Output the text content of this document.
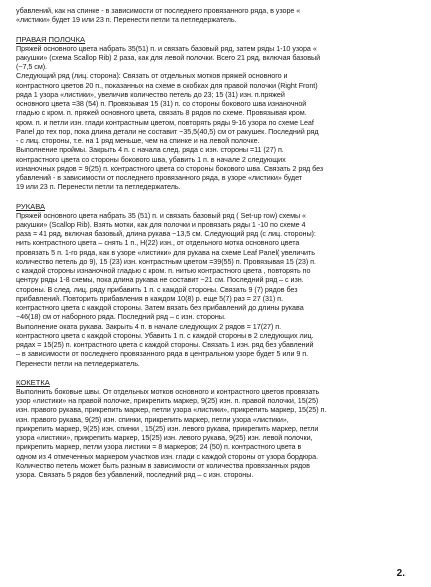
убавлений, как на спинке - в зависимости от последнего провязанного ряда, в узоре «
«листики» будет 19 или 23 п. Перенести петли та петледержатель.

ПРАВАЯ ПОЛОЧКА

Пряжей основного цвета набрать 35(51) п. и связать базовый ряд, затем ряды 1-10 узора «
ракушки» (схема Scallop Rib) 2 раза, как для левой полочки. Всего 21 ряд, включая базовый
(~7,5 см).

Следующий ряд (лиц. сторона): Связать от отдельных мотков пряжей основного и
контрастного цветов 20 п., показанных на схеме в скобках для правой полочки (Right Front)
ряда 1 узора «листики», увеличив количество петель до 23; 15 (31) изн. п.пряжей
основного цвета =38 (54) п. Провязывая 15 (31) п. со стороны бокового шва изнаночной
гладью с кром. п. пряжей основного цвета, связать 8 рядов по схеме. Провязывая кром.
кром. п. и петли изн. глади контрастным цветом, повторять ряды 9-16 узора по схеме Leaf
Panel до тех пор, пока длина детали не составит ~35,5(40,5) см от ракушек. Последний ряд
- с лиц. стороны, т.е. на 1 ряд меньше, чем на спинке и на левой полочке.

Выполнение проймы. Закрыть 4 п. с начала след. ряда с изн. стороны =11 (27) п.
контрастного цвета со стороны бокового шва, убавить 1 п. в начале 2 следующих
изнаночных рядов = 9(25) п. контрастного цвета со стороны бокового шва. Связать 2 ряд без
убавлений - в зависимости от последнего провязанного ряда, в узоре «листики» будет
19 или 23 п. Перенести петли та петледержатель.

РУКАВА

Пряжей основного цвета набрать 35 (51) п. и связать базовый ряд ( Set-up row) схемы «
ракушки» (Scallop Rib). Взять мотки, как для полочки и провязать ряды 1 -10 по схеме 4
раза = 41 ряд, включая базовый, длина рукава ~13,5 см. Следующий ряд (с лиц. стороны):
нить контрастного цвета – снять 1 п., Н(22) изн., от отдельного мотка основного цвета
провязать 5 п. 1-го ряда, как в узоре «листики» для рукава на схеме Leaf Panel( увеличить
количество петель до 9), 15 (23) изн. контрастным цветом =39(55) п. Провязывая 15 (23) п.
с каждой стороны изнаночной гладью с кром. п. нитью контрастного цвета , повторять по
центру ряды 1-8 схемы, пока длина рукава не составит ~21 см. Последний ряд – с изн.
стороны. В след. лиц. ряду прибавить 1 п. с каждой стороны. Связать 9 (7) рядов без
прибавлений. Повторить прибавления в каждом 10(8) р. еще 5(7) раз = 27 (31) п.
контрастного цвета с каждой стороны. Затем вязать без прибавлений до длины рукава
~46(18) см от наборного ряда. Последний ряд – с изн. стороны.

Выполнение оката рукава. Закрыть 4 п. в начале следующих 2 рядов = 17(27) п.
контрастного цвета с каждой стороны. Убавить 1 п. с каждой стороны в 2 следующих лиц.
рядах = 15(25) п. контрастного цвета с каждой стороны. Связать 1 изн. ряд без убавлений
– в зависимости от последнего провязанного ряда в центральном узоре будет 5 или 9 п.
Перенести петли на петледержатель.

КОКЕТКА

Выполнить боковые швы. От отдельных мотков основного и контрастного цветов провязать
узор «листики» на правой полочке, прикрепить маркер, 9(25) изн. п. правой полочки, 15(25)
изн. правого рукава, прикрепить маркер, петли узора «листики», прикрепить маркер, 15(25) п.
изн. правого рукава, 9(25) изн. спинки, прикрепить маркер, петли узора «листики»,
прикрепить маркер, 9(25) изн. спинки , 15(25) изн. левого рукава, прикрепить маркер, петли
узора «листики», прикрепить маркер, 15(25) изн. левого рукава, 9(25) изн. левой полочки,
прикрепить маркер, петли узора листики = 8 маркеров; 24 (50) п. контрастного цвета в
одном из 4 отмеченных маркером участков изн. глади с каждой стороны от узора бордюра.
Количество петель может быть разным в зависимости от количества провязанных рядов
узора. Связать 5 рядов без убавлений, последний ряд – с изн. стороны.

2.
